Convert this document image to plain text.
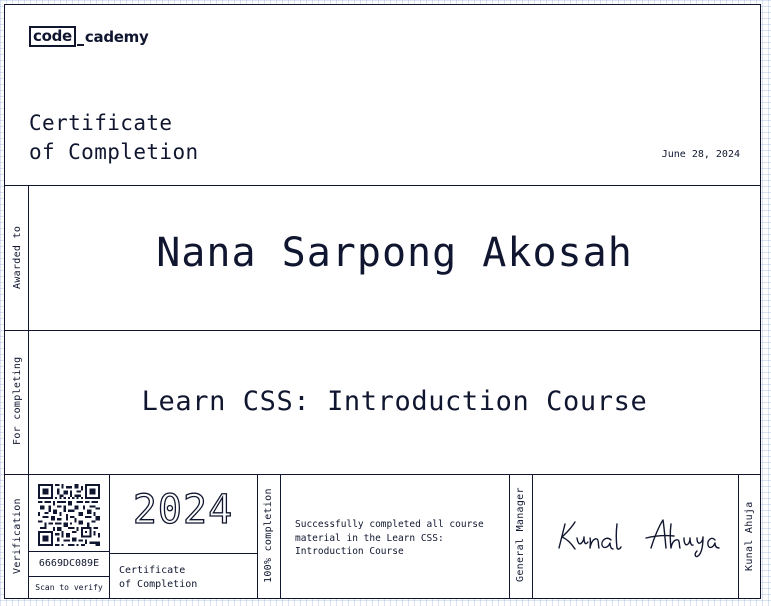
code cademy
Certificate
of Completion	June 28, 2024
Awarded to	Nana Sarpong Akosah
For completing	Learn CSS: Introduction Course
Verification	6669DC089E
Scan to verify
2024
Certificate
of Completion
100% completion Successfully completed all course material in the Learn CSS: Introduction Course	General Manager	Kunal Ahuja	Kunal Ahuja
